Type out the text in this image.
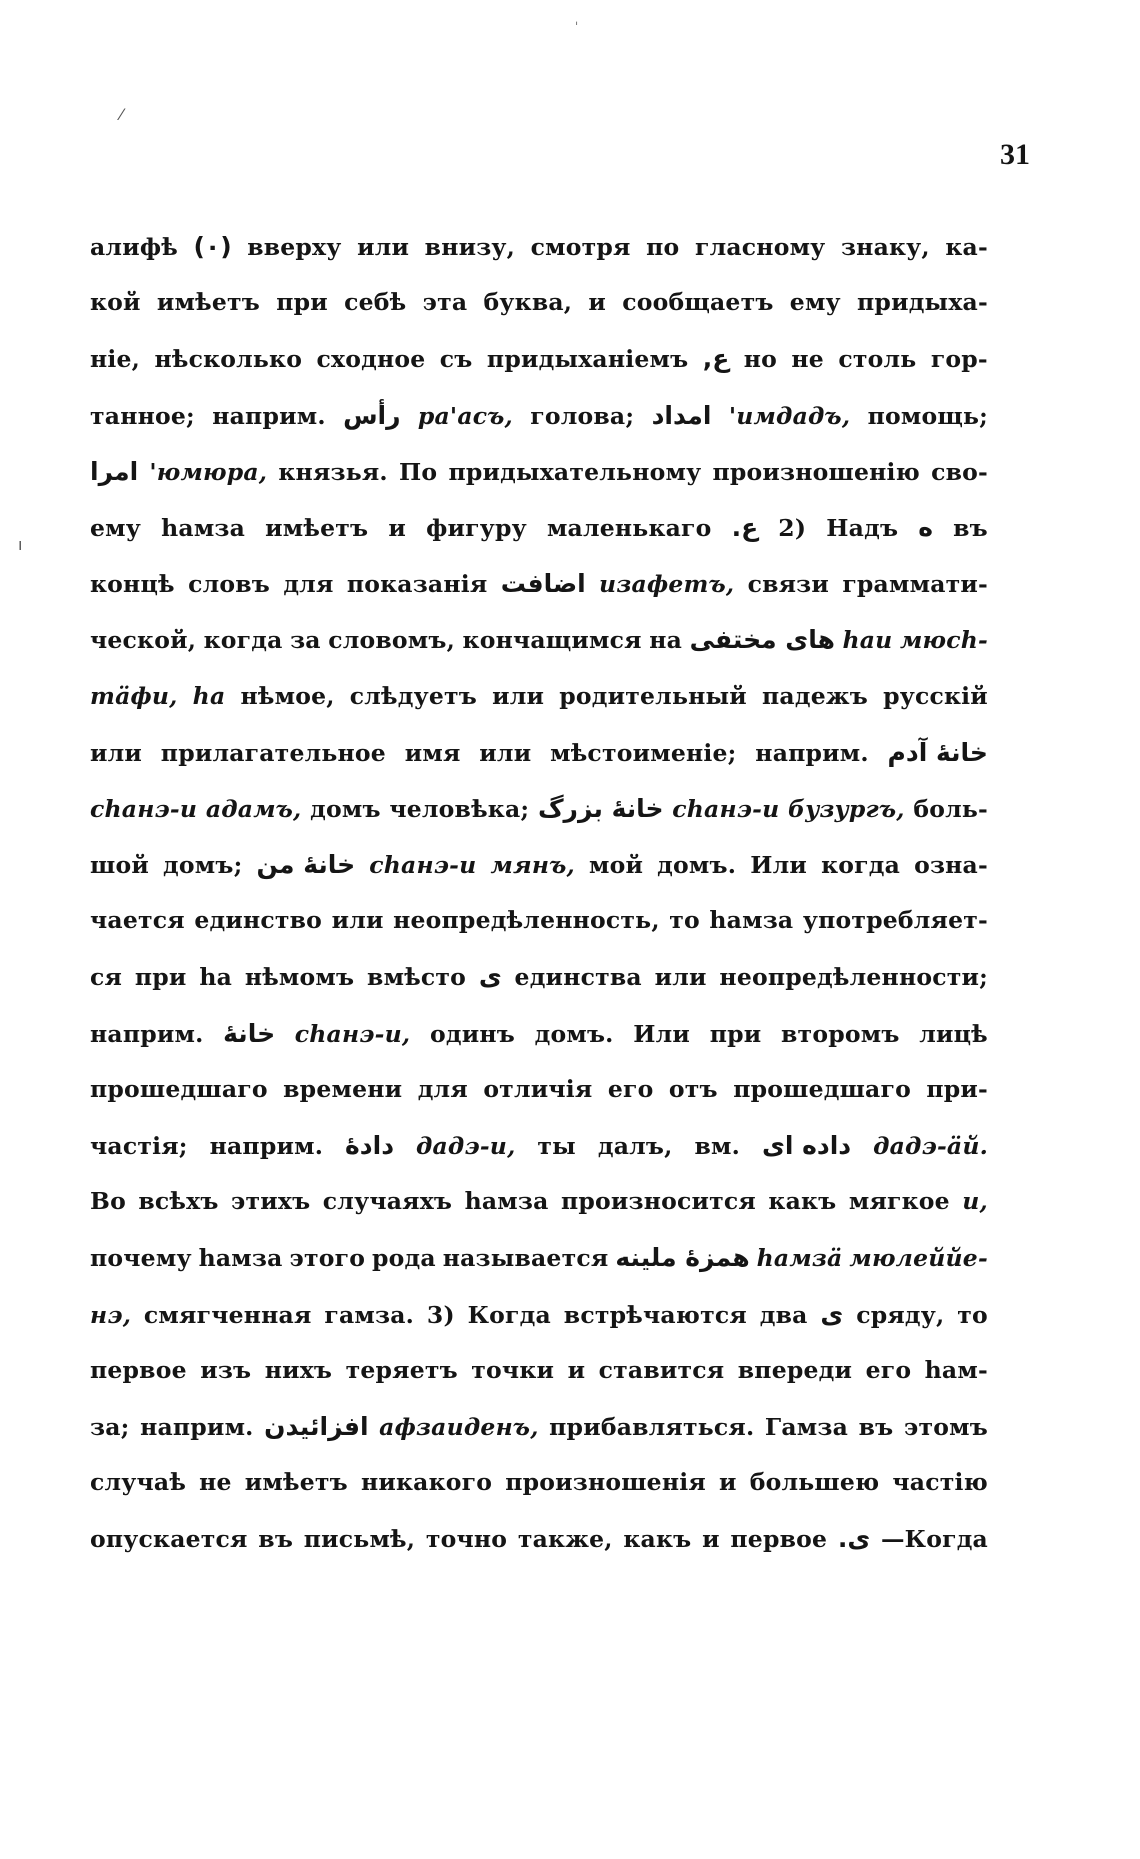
31
алифѣ (٠) вверху или внизу, смотря по гласному знаку, ка-
кой имѣетъ при себѣ эта буква, и сообщаетъ ему придыха-
ніе, нѣсколько сходное съ придыханіемъ ع, но не столь гор-
танное; наприм. رأس ра'асъ, голова; امداد 'имдадъ, помощь;
امرا 'юмюра, князья. По придыхательному произношенію сво-
ему hамза имѣетъ и фигуру маленькаго ع. 2) Надъ ه въ
концѣ словъ для показанія اضافت изафетъ, связи граммати-
ческой, когда за словомъ, кончащимся на هاى مختفى hаи мюсh-
тäфи, hа нѣмое, слѣдуетъ или родительный падежъ русскій
или прилагательное имя или мѣстоименіе; наприм. خانهٔ آدم
сhанэ-и адамъ, домъ человѣка; خانهٔ بزرگ сhанэ-и бузургъ, боль-
шой домъ; خانهٔ من сhанэ-и мянъ, мой домъ. Или когда озна-
чается единство или неопредѣленность, то hамза употребляет-
ся при hа нѣмомъ вмѣсто ى единства или неопредѣленности;
наприм. خانهٔ сhанэ-и, одинъ домъ. Или при второмъ лицѣ
прошедшаго времени для отличія его отъ прошедшаго при-
частія; наприм. دادهٔ дадэ-и, ты далъ, вм. داده اى дадэ-äй.
Во всѣхъ этихъ случаяхъ hамза произносится какъ мягкое и,
почему hамза этого рода называется همزهٔ ملينه hамзä мюлеййе-
нэ, смягченная гамза. 3) Когда встрѣчаются два ى сряду, то
первое изъ нихъ теряетъ точки и ставится впереди его hам-
за; наприм. افزائيدن афзаиденъ, прибавляться. Гамза въ этомъ
случаѣ не имѣетъ никакого произношенія и большею частію
опускается въ письмѣ, точно также, какъ и первое ى. —Когда
ˌ
⁄
ı
